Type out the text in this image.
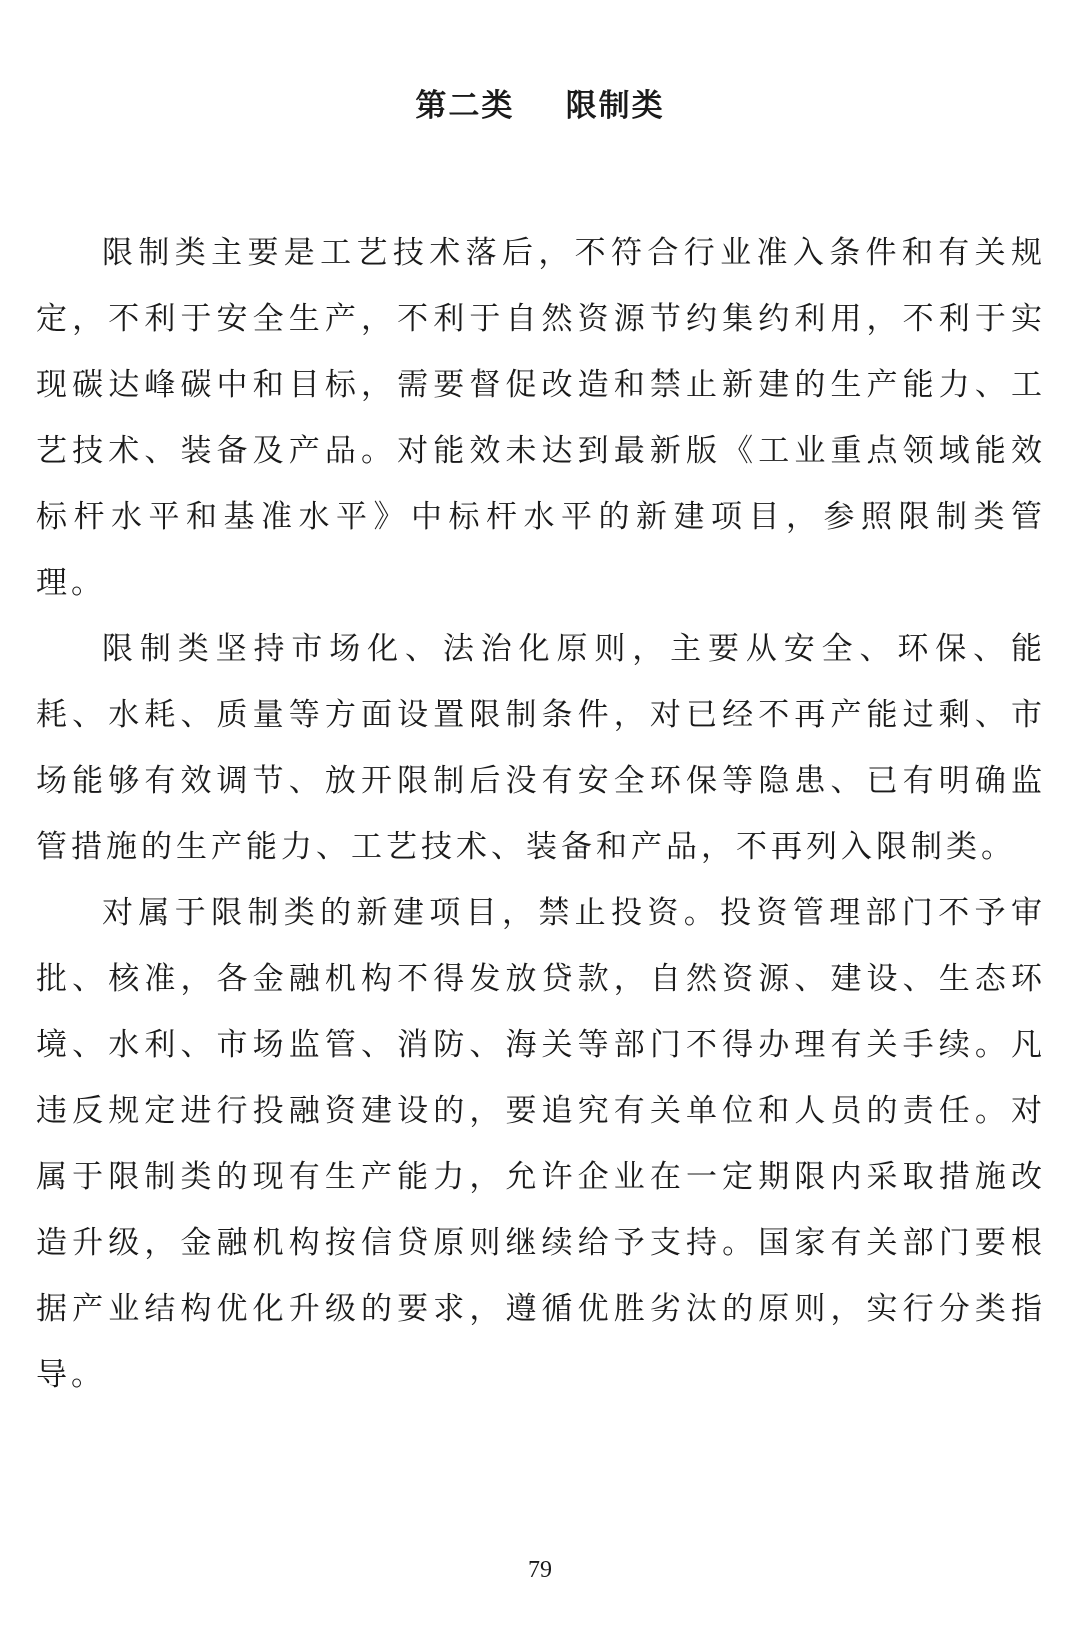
第二类    限制类

限制类主要是工艺技术落后，不符合行业准入条件和有关规定，不利于安全生产，不利于自然资源节约集约利用，不利于实现碳达峰碳中和目标，需要督促改造和禁止新建的生产能力、工艺技术、装备及产品。对能效未达到最新版《工业重点领域能效标杆水平和基准水平》中标杆水平的新建项目，参照限制类管理。

限制类坚持市场化、法治化原则，主要从安全、环保、能耗、水耗、质量等方面设置限制条件，对已经不再产能过剩、市场能够有效调节、放开限制后没有安全环保等隐患、已有明确监管措施的生产能力、工艺技术、装备和产品，不再列入限制类。

对属于限制类的新建项目，禁止投资。投资管理部门不予审批、核准，各金融机构不得发放贷款，自然资源、建设、生态环境、水利、市场监管、消防、海关等部门不得办理有关手续。凡违反规定进行投融资建设的，要追究有关单位和人员的责任。对属于限制类的现有生产能力，允许企业在一定期限内采取措施改造升级，金融机构按信贷原则继续给予支持。国家有关部门要根据产业结构优化升级的要求，遵循优胜劣汰的原则，实行分类指导。

79
